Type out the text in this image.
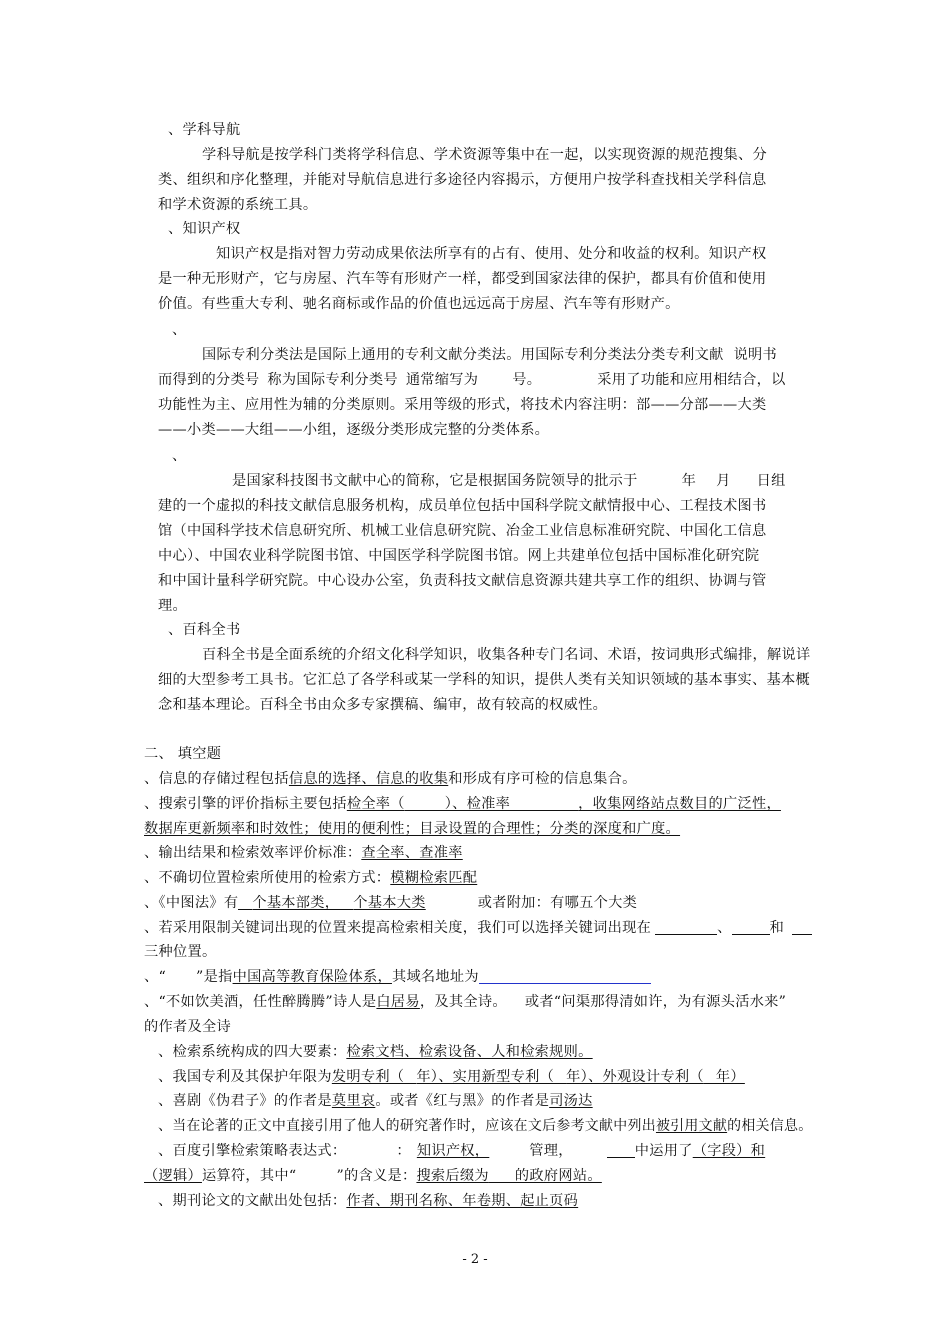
、学科导航
学科导航是按学科门类将学科信息、学术资源等集中在一起，以实现资源的规范搜集、分
类、组织和序化整理，并能对导航信息进行多途径内容揭示，方便用户按学科查找相关学科信息
和学术资源的系统工具。
、知识产权
知识产权是指对智力劳动成果依法所享有的占有、使用、处分和收益的权利。知识产权
是一种无形财产，它与房屋、汽车等有形财产一样，都受到国家法律的保护，都具有价值和使用
价值。有些重大专利、驰名商标或作品的价值也远远高于房屋、汽车等有形财产。
、
国际专利分类法是国际上通用的专利文献分类法。用国际专利分类法分类专利文献 说明书
而得到的分类号 称为国际专利分类号 通常缩写为 号。	采用了功能和应用相结合，以
功能性为主、应用性为辅的分类原则。采用等级的形式，将技术内容注明：部——分部——大类
——小类——大组——小组，逐级分类形成完整的分类体系。
、
是国家科技图书文献中心的简称，它是根据国务院领导的批示于	年 月 日组
建的一个虚拟的科技文献信息服务机构，成员单位包括中国科学院文献情报中心、工程技术图书
馆（中国科学技术信息研究所、机械工业信息研究院、冶金工业信息标准研究院、中国化工信息
中心）、中国农业科学院图书馆、中国医学科学院图书馆。网上共建单位包括中国标准化研究院
和中国计量科学研究院。中心设办公室，负责科技文献信息资源共建共享工作的组织、协调与管
理。
、百科全书
百科全书是全面系统的介绍文化科学知识，收集各种专门名词、术语，按词典形式编排，解说详
细的大型参考工具书。它汇总了各学科或某一学科的知识，提供人类有关知识领域的基本事实、基本概
念和基本理论。百科全书由众多专家撰稿、编审，故有较高的权威性。
二、 填空题
、信息的存储过程包括信息的选择、信息的收集和形成有序可检的信息集合。
、搜索引擎的评价指标主要包括检全率（	）、检准率	，收集网络站点数目的广泛性，
数据库更新频率和时效性；使用的便利性；目录设置的合理性；分类的深度和广度。
、输出结果和检索效率评价标准：查全率、查准率
、不确切位置检索所使用的检索方式：模糊检索匹配
、《中图法》有 个基本部类， 个基本大类	或者附加：有哪五个大类
、若采用限制关键词出现的位置来提高检索相关度，我们可以选择关键词出现在	、	和
三种位置。
、“ ”是指中国高等教育保险体系，其域名地址为
、“不如饮美酒，任性醉腾腾”诗人是白居易，及其全诗。 或者“问渠那得清如许，为有源头活水来”
的作者及全诗
、检索系统构成的四大要素：检索文档、检索设备、人和检索规则。
、我国专利及其保护年限为发明专利（ 年）、实用新型专利（ 年）、外观设计专利（ 年）
、喜剧《伪君子》的作者是莫里哀。或者《红与黑》的作者是司汤达
、当在论著的正文中直接引用了他人的研究著作时，应该在文后参考文献中列出被引用文献的相关信息。
、百度引擎检索策略表达式：	： 知识产权，	管理，	中运用了（字段）和
（逻辑）运算符，其中“	”的含义是：搜索后缀为 的政府网站。
、期刊论文的文献出处包括：作者、期刊名称、年卷期、起止页码
- 2 -
